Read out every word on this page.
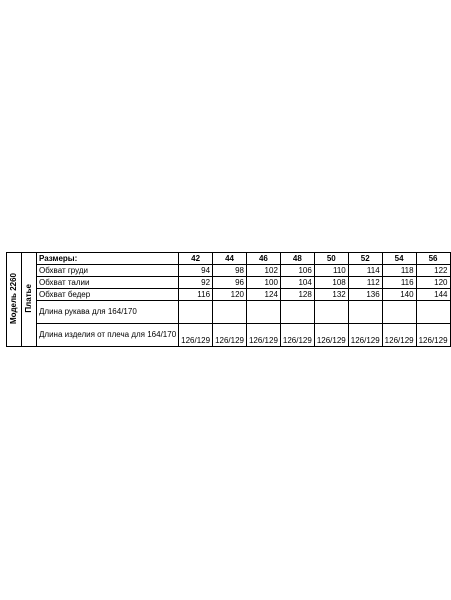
Модель 2260	Платье	Размеры:	42	44	46	48	50	52	54	56
		Обхват груди	94	98	102	106	110	114	118	122
		Обхват талии	92	96	100	104	108	112	116	120
		Обхват бедер	116	120	124	128	132	136	140	144
		Длина рукава для 164/170								
		Длина изделия от плеча для 164/170	126/129	126/129	126/129	126/129	126/129	126/129	126/129	126/129
